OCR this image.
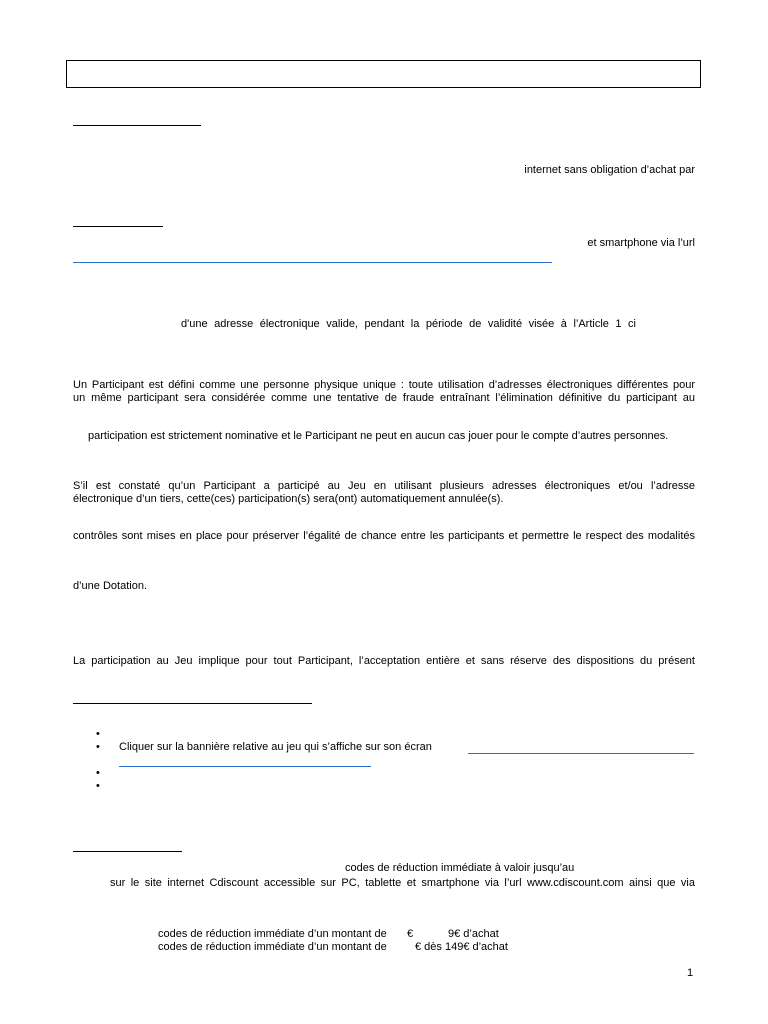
internet sans obligation d’achat par
et smartphone via l’url
d'une adresse électronique valide, pendant la période de validité visée à l’Article 1 ci
Un Participant est défini comme une personne physique unique : toute utilisation d’adresses électroniques différentes pour
un même participant sera considérée comme une tentative de fraude entraînant l’élimination définitive du participant au
participation est strictement nominative et le Participant ne peut en aucun cas jouer pour le compte d’autres personnes.
S’il est constaté qu’un Participant a participé au Jeu en utilisant plusieurs adresses électroniques et/ou l’adresse
électronique d’un tiers, cette(ces) participation(s) sera(ont) automatiquement annulée(s).
contrôles sont mises en place pour préserver l’égalité de chance entre les participants et permettre le respect des modalités
d’une Dotation.
La participation au Jeu implique pour tout Participant, l’acceptation entière et sans réserve des dispositions du présent
•
• Cliquer sur la bannière relative au jeu qui s’affiche sur son écran
•
•
codes de réduction immédiate à valoir jusqu’au
sur le site internet Cdiscount accessible sur PC, tablette et smartphone via l’url www.cdiscount.com ainsi que via
codes de réduction immédiate d’un montant de €	9€ d’achat
codes de réduction immédiate d’un montant de	€ dès 149€ d’achat
1
